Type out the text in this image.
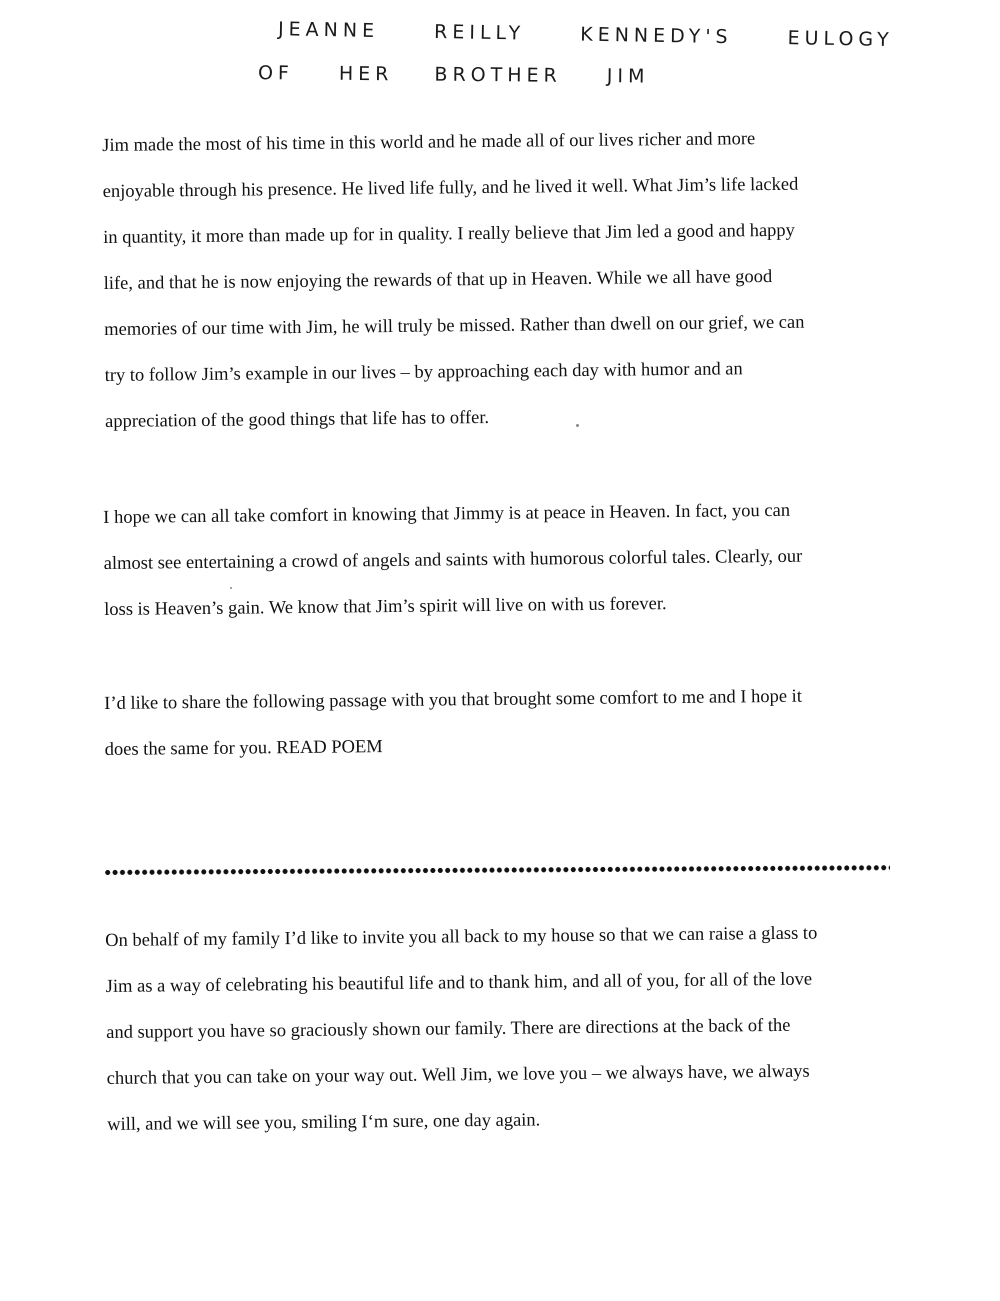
JEANNE	REILLY	KENNEDY'S	EULOGY
OF HER BROTHER JIM
Jim made the most of his time in this world and he made all of our lives richer and more
enjoyable through his presence. He lived life fully, and he lived it well. What Jim’s life lacked
in quantity, it more than made up for in quality. I really believe that Jim led a good and happy
life, and that he is now enjoying the rewards of that up in Heaven. While we all have good
memories of our time with Jim, he will truly be missed. Rather than dwell on our grief, we can
try to follow Jim’s example in our lives – by approaching each day with humor and an
appreciation of the good things that life has to offer.
I hope we can all take comfort in knowing that Jimmy is at peace in Heaven. In fact, you can
almost see entertaining a crowd of angels and saints with humorous colorful tales. Clearly, our
loss is Heaven’s gain. We know that Jim’s spirit will live on with us forever.
I’d like to share the following passage with you that brought some comfort to me and I hope it
does the same for you. READ POEM
On behalf of my family I’d like to invite you all back to my house so that we can raise a glass to
Jim as a way of celebrating his beautiful life and to thank him, and all of you, for all of the love
and support you have so graciously shown our family. There are directions at the back of the
church that you can take on your way out. Well Jim, we love you – we always have, we always
will, and we will see you, smiling I‘m sure, one day again.
